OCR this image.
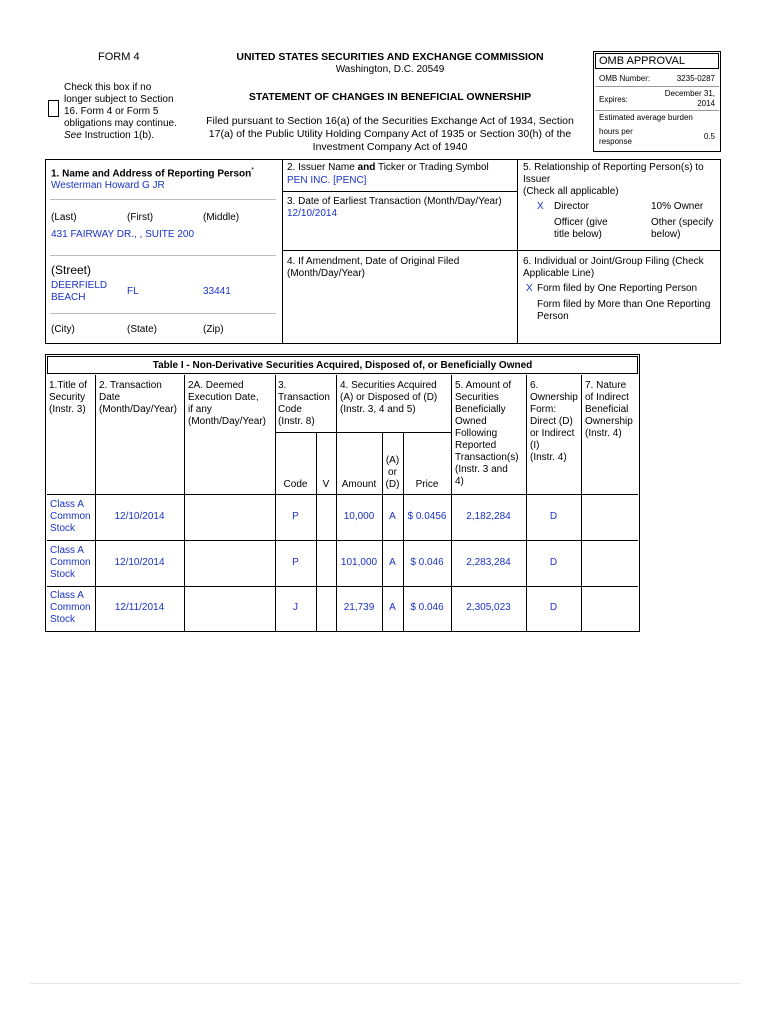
FORM 4
Check this box if no
longer subject to Section
16. Form 4 or Form 5
obligations may continue.
See Instruction 1(b).
UNITED STATES SECURITIES AND EXCHANGE COMMISSION
Washington, D.C. 20549
STATEMENT OF CHANGES IN BENEFICIAL OWNERSHIP
Filed pursuant to Section 16(a) of the Securities Exchange Act of 1934, Section
17(a) of the Public Utility Holding Company Act of 1935 or Section 30(h) of the
Investment Company Act of 1940
OMB APPROVAL
OMB Number:	3235-0287
Expires:
December 31,
2014
Estimated average burden
hours per
response
0.5
1. Name and Address of Reporting Person*
Westerman Howard G JR
(Last)	(First)	(Middle)
431 FAIRWAY DR., , SUITE 200
(Street)
DEERFIELD
BEACH
FL	33441
(City)	(State)	(Zip)
2. Issuer Name and Ticker or Trading Symbol
PEN INC. [PENC]
3. Date of Earliest Transaction (Month/Day/Year)
12/10/2014
4. If Amendment, Date of Original Filed
(Month/Day/Year)
5. Relationship of Reporting Person(s) to
Issuer
(Check all applicable)
X Director	10% Owner
Officer (give
title below)
Other (specify
below)
6. Individual or Joint/Group Filing (Check
Applicable Line)
X Form filed by One Reporting Person
Form filed by More than One Reporting
Person
Table I - Non-Derivative Securities Acquired, Disposed of, or Beneficially Owned
1.Title of
Security
(Instr. 3)
2. Transaction
Date
(Month/Day/Year)
2A. Deemed
Execution Date,
if any
(Month/Day/Year)
3.
Transaction
Code
(Instr. 8)
4. Securities Acquired
(A) or Disposed of (D)
(Instr. 3, 4 and 5)
5. Amount of
Securities
Beneficially
Owned
Following
Reported
Transaction(s)
(Instr. 3 and
4)
6.
Ownership
Form:
Direct (D)
or Indirect
(I)
(Instr. 4)
7. Nature
of Indirect
Beneficial
Ownership
(Instr. 4)
Code	V	Amount
(A)
or
(D)	Price
Class A
Common
Stock
12/10/2014	P	10,000	A	$ 0.0456	2,182,284	D
Class A
Common
Stock
12/10/2014	P	101,000	A	$ 0.046	2,283,284	D
Class A
Common
Stock
12/11/2014	J	21,739	A	$ 0.046	2,305,023	D
